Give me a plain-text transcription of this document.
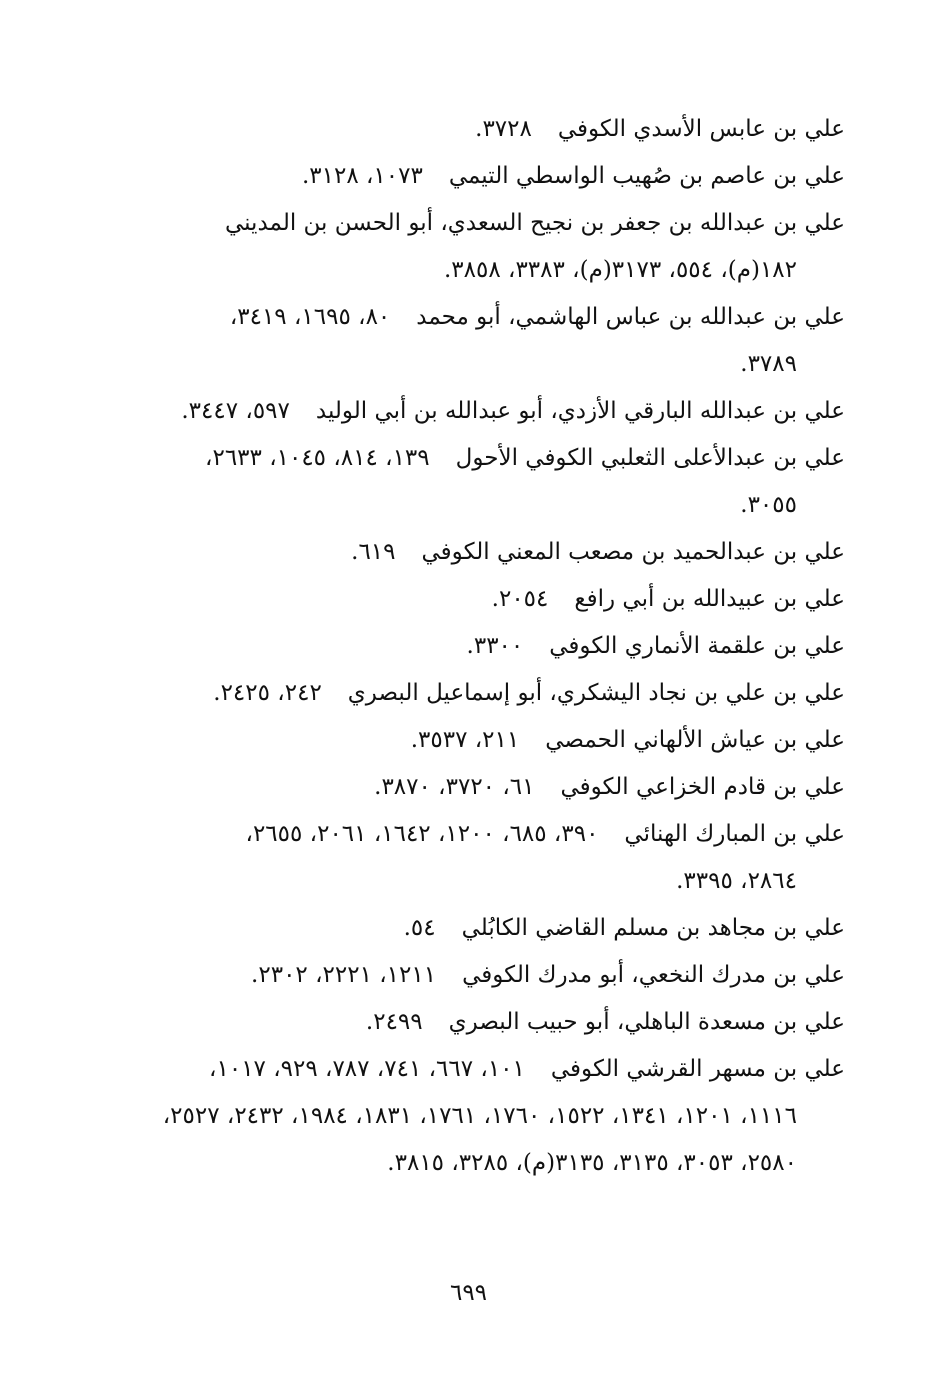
علي بن عابس الأسدي الكوفي٣٧٢٨.

علي بن عاصم بن صُهيب الواسطي التيمي١٠٧٣، ٣١٢٨.

علي بن عبدالله بن جعفر بن نجيح السعدي، أبو الحسن بن المديني
١٨٢(م)، ٥٥٤، ٣١٧٣(م)، ٣٣٨٣، ٣٨٥٨.

علي بن عبدالله بن عباس الهاشمي، أبو محمد٨٠، ١٦٩٥، ٣٤١٩،
٣٧٨٩.

علي بن عبدالله البارقي الأزدي، أبو عبدالله بن أبي الوليد٥٩٧، ٣٤٤٧.

علي بن عبدالأعلى الثعلبي الكوفي الأحول١٣٩، ٨١٤، ١٠٤٥، ٢٦٣٣،
٣٠٥٥.

علي بن عبدالحميد بن مصعب المعني الكوفي٦١٩.

علي بن عبيدالله بن أبي رافع٢٠٥٤.

علي بن علقمة الأنماري الكوفي٣٣٠٠.

علي بن علي بن نجاد اليشكري، أبو إسماعيل البصري٢٤٢، ٢٤٢٥.

علي بن عياش الألهاني الحمصي٢١١، ٣٥٣٧.

علي بن قادم الخزاعي الكوفي٦١، ٣٧٢٠، ٣٨٧٠.

علي بن المبارك الهنائي٣٩٠، ٦٨٥، ١٢٠٠، ١٦٤٢، ٢٠٦١، ٢٦٥٥،
٢٨٦٤، ٣٣٩٥.

علي بن مجاهد بن مسلم القاضي الكابُلي٥٤.

علي بن مدرك النخعي، أبو مدرك الكوفي١٢١١، ٢٢٢١، ٢٣٠٢.

علي بن مسعدة الباهلي، أبو حبيب البصري٢٤٩٩.

علي بن مسهر القرشي الكوفي١٠١، ٦٦٧، ٧٤١، ٧٨٧، ٩٢٩، ١٠١٧،
١١١٦، ١٢٠١، ١٣٤١، ١٥٢٢، ١٧٦٠، ١٧٦١، ١٨٣١، ١٩٨٤، ٢٤٣٢، ٢٥٢٧، ٢٥٨٠، ٣٠٥٣، ٣١٣٥، ٣١٣٥(م)، ٣٢٨٥، ٣٨١٥.

٦٩٩
